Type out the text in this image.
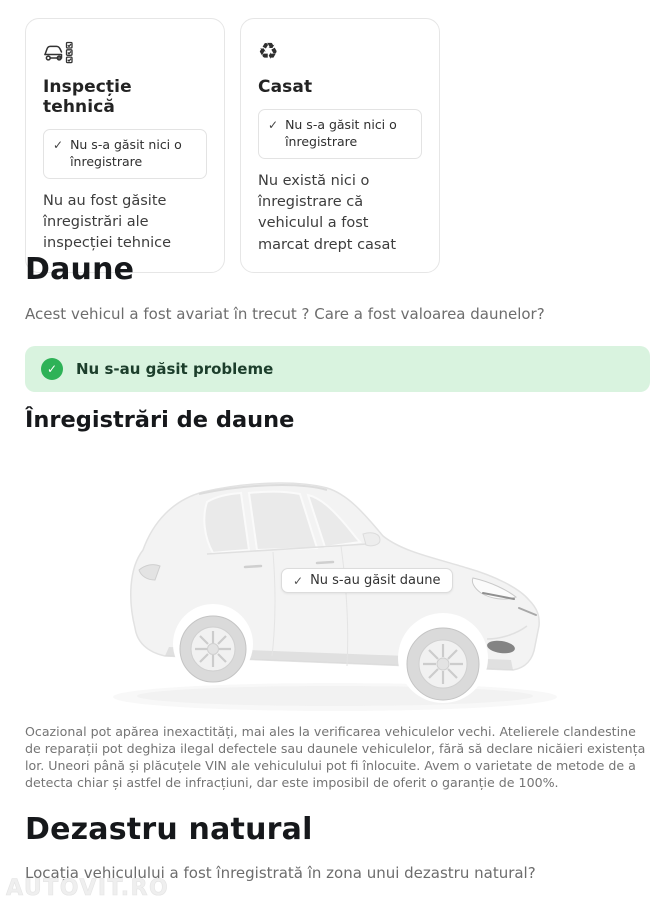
Inspecție tehnică
✓ Nu s-a găsit nici o înregistrare
Nu au fost găsite înregistrări ale inspecției tehnice
♻
Casat
✓ Nu s-a găsit nici o înregistrare
Nu există nici o înregistrare că vehiculul a fost marcat drept casat
Daune
Acest vehicul a fost avariat în trecut ? Care a fost valoarea daunelor?
✓ Nu s-au găsit probleme
Înregistrări de daune
✓ Nu s-au găsit daune

Ocazional pot apărea inexactități, mai ales la verificarea vehiculelor vechi. Atelierele clandestine de reparații pot deghiza ilegal defectele sau daunele vehiculelor, fără să declare nicăieri existența lor. Uneori până și plăcuțele VIN ale vehiculului pot fi înlocuite. Avem o varietate de metode de a detecta chiar și astfel de infracțiuni, dar este imposibil de oferit o garanție de 100%.

Dezastru natural
Locația vehiculului a fost înregistrată în zona unui dezastru natural?
AUTOVIT.RO
